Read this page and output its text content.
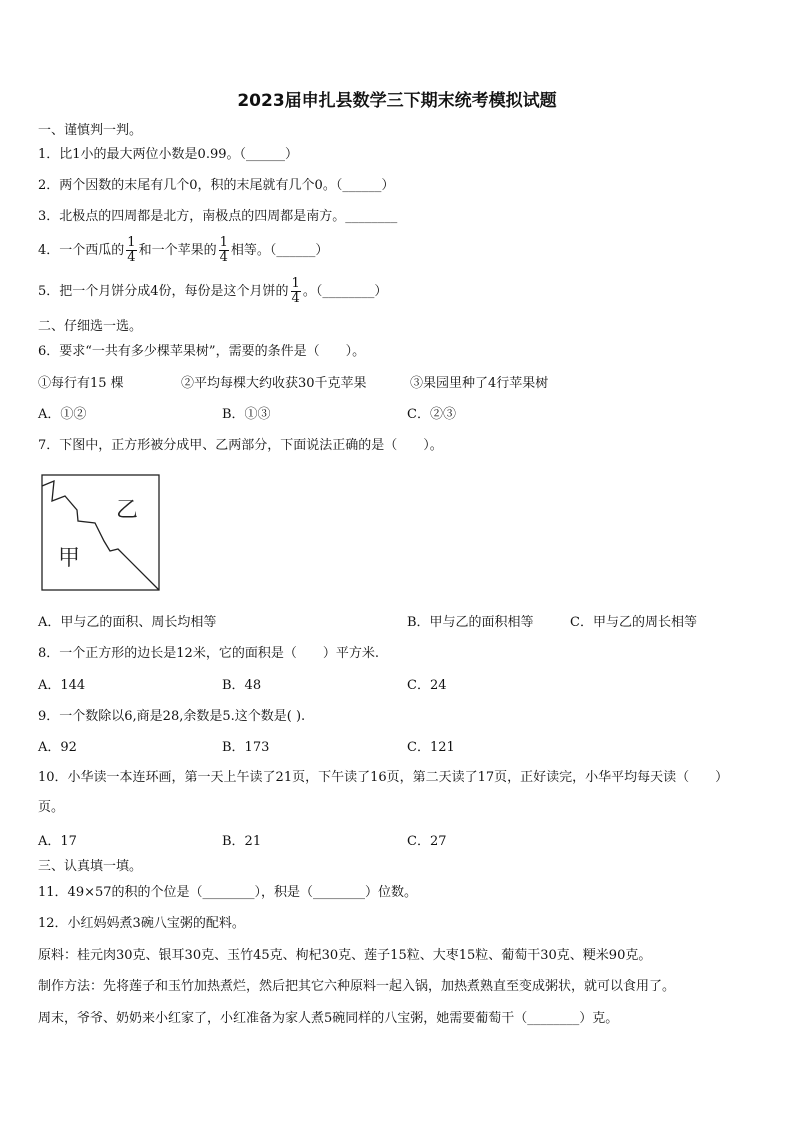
2023届申扎县数学三下期末统考模拟试题
一、谨慎判一判。
1．比1小的最大两位小数是0.99。（______）
2．两个因数的末尾有几个0，积的末尾就有几个0。（______）
3．北极点的四周都是北方，南极点的四周都是南方。________
4．一个西瓜的 $\frac{1}{4}$ 和一个苹果的 $\frac{1}{4}$ 相等。（______）
5．把一个月饼分成4份，每份是这个月饼的 $\frac{1}{4}$ 。（________）
二、仔细选一选。
6．要求“一共有多少棵苹果树”，需要的条件是（　　）。
①每行有15 棵	②平均每棵大约收获30千克苹果	③果园里种了4行苹果树
A．①②	B．①③	C．②③
7．下图中，正方形被分成甲、乙两部分，下面说法正确的是（　　）。
乙
甲
A．甲与乙的面积、周长均相等	B．甲与乙的面积相等	C．甲与乙的周长相等
8．一个正方形的边长是12米，它的面积是（　　）平方米.
A．144	B．48	C．24
9．一个数除以6,商是28,余数是5.这个数是( ).
A．92	B．173	C．121
10．小华读一本连环画，第一天上午读了21页，下午读了16页，第二天读了17页，正好读完，小华平均每天读（　　）页。
A．17	B．21	C．27
三、认真填一填。
11．49×57的积的个位是（________），积是（________）位数。
12．小红妈妈煮3碗八宝粥的配料。
原料：桂元肉30克、银耳30克、玉竹45克、枸杞30克、莲子15粒、大枣15粒、葡萄干30克、粳米90克。
制作方法：先将莲子和玉竹加热煮烂，然后把其它六种原料一起入锅，加热煮熟直至变成粥状，就可以食用了。
周末，爷爷、奶奶来小红家了，小红准备为家人煮5碗同样的八宝粥，她需要葡萄干（________）克。
